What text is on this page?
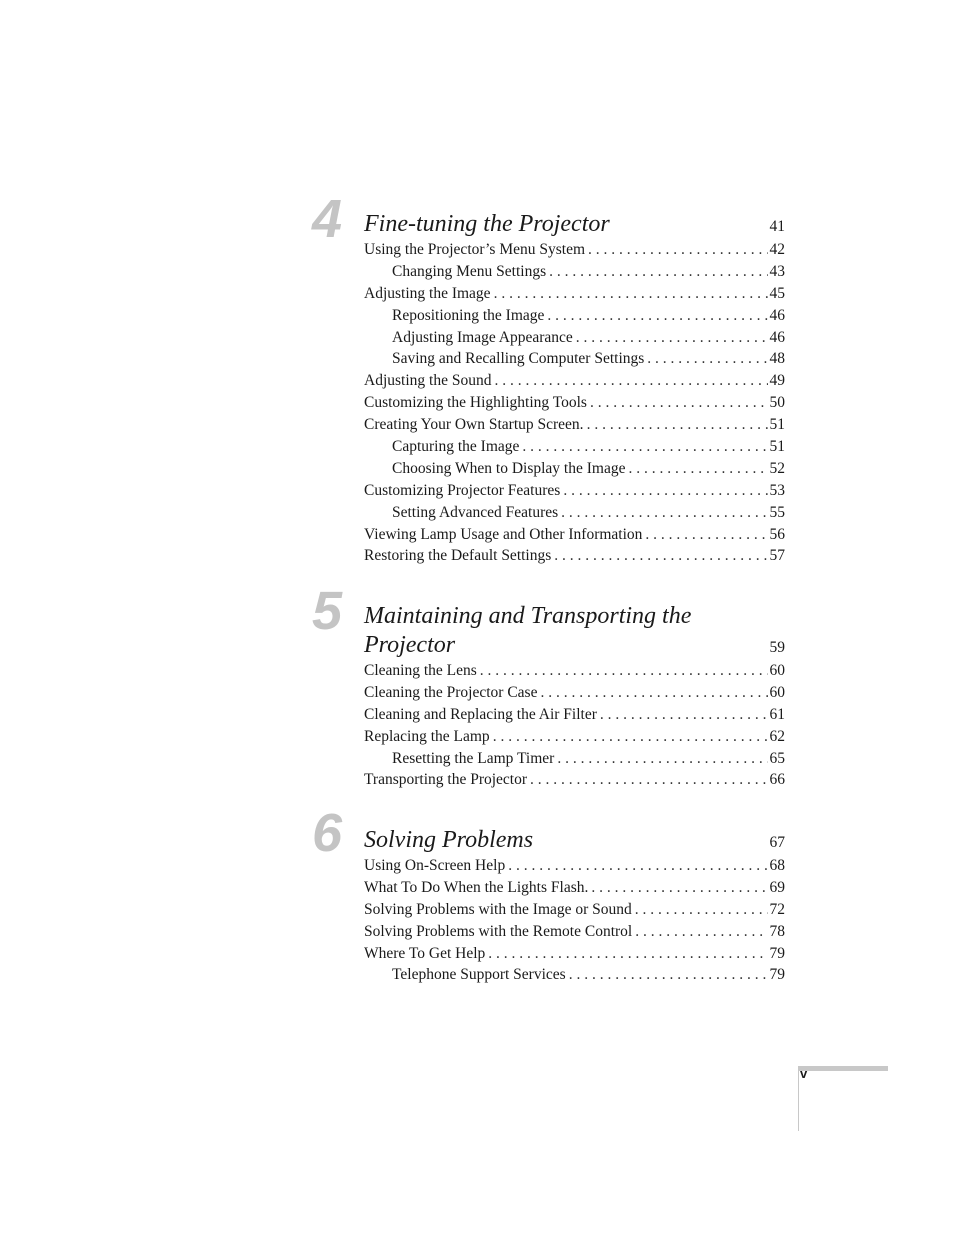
4 Fine-tuning the Projector	41
Using the Projector’s Menu System . . .	42
Changing Menu Settings . . .	43
Adjusting the Image . . .	45
Repositioning the Image . . .	46
Adjusting Image Appearance . . .	46
Saving and Recalling Computer Settings . . .	48
Adjusting the Sound . . .	49
Customizing the Highlighting Tools . . .	50
Creating Your Own Startup Screen. . . .	51
Capturing the Image . . .	51
Choosing When to Display the Image . . .	52
Customizing Projector Features . . .	53
Setting Advanced Features . . .	55
Viewing Lamp Usage and Other Information . . .	56
Restoring the Default Settings . . .	57
5 Maintaining and Transporting the
Projector	59
Cleaning the Lens . . .	60
Cleaning the Projector Case . . .	60
Cleaning and Replacing the Air Filter . . .	61
Replacing the Lamp . . .	62
Resetting the Lamp Timer . . .	65
Transporting the Projector . . .	66
6 Solving Problems	67
Using On-Screen Help . . .	68
What To Do When the Lights Flash. . . .	69
Solving Problems with the Image or Sound . . .	72
Solving Problems with the Remote Control . . .	78
Where To Get Help . . .	79
Telephone Support Services . . .	79
v
